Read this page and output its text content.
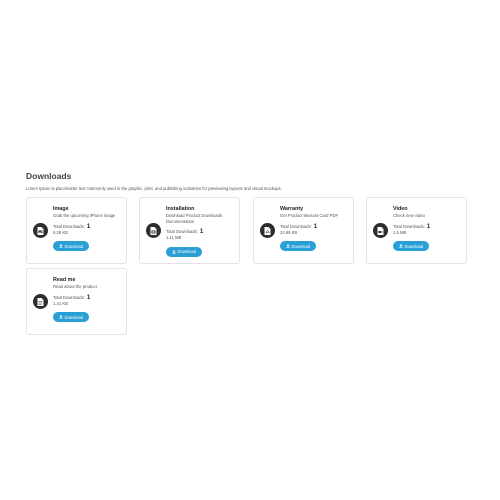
Downloads

Lorem Ipsum is placeholder text commonly used in the graphic, print, and publishing industries for previewing layouts and visual mockups.

Image

Grab the upcoming iPhone image

Total Downloads: 1
6.29 KB
Download

Installation

Download Product Downloads Documentation

Total Downloads: 1
1.11 MB
Download

Warranty

Get Product Warrant Card PDF

Total Downloads: 1
24.99 KB
Download

Video

Check new video

Total Downloads: 1
1.5 MB
Download

Read me

Read about the product

Total Downloads: 1
1.41 KB
Download
